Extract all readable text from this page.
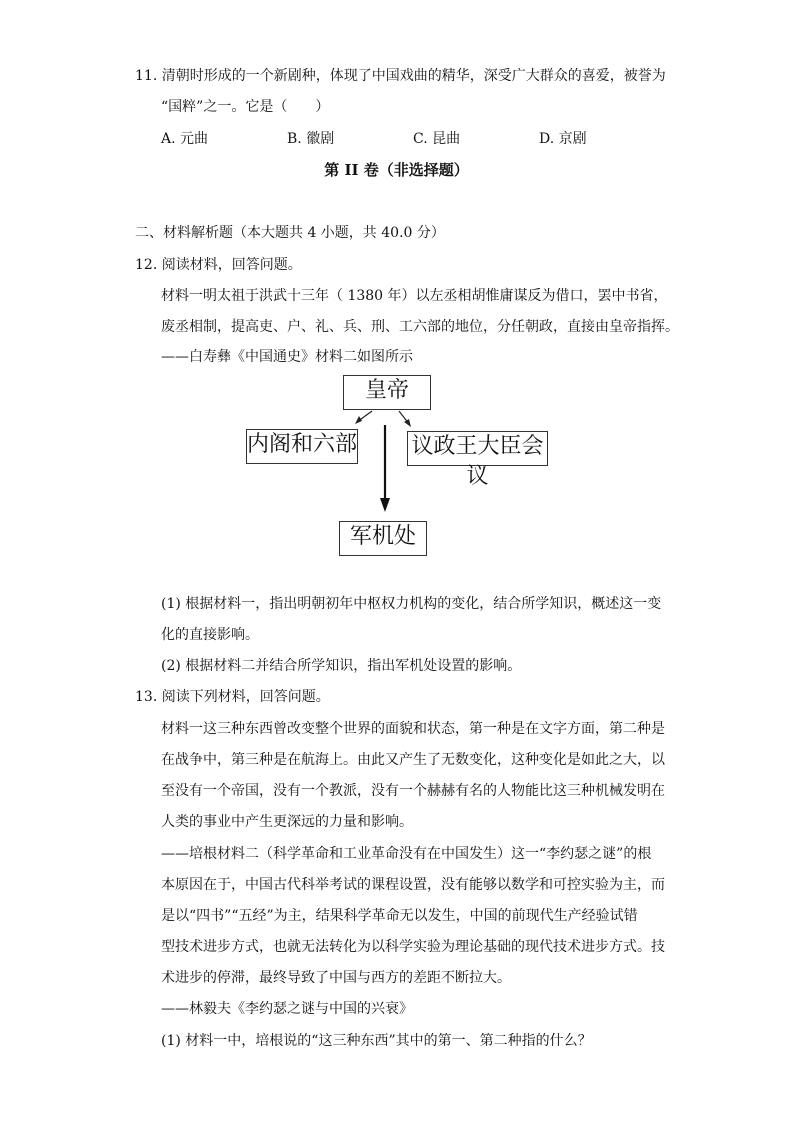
11. 清朝时形成的一个新剧种，体现了中国戏曲的精华，深受广大群众的喜爱，被誉为
“国粹”之一。它是（　　）
A. 元曲	B. 徽剧	C. 昆曲	D. 京剧
第 II 卷（非选择题）
二、材料解析题（本大题共 4 小题，共 40.0 分）
12. 阅读材料，回答问题。
材料一明太祖于洪武十三年（ 1380 年）以左丞相胡惟庸谋反为借口，罢中书省，
废丞相制，提高吏、户、礼、兵、刑、工六部的地位，分任朝政，直接由皇帝指挥。
——白寿彝《中国通史》材料二如图所示
皇帝
内阁和六部 议政王大臣会议
军机处
(1) 根据材料一，指出明朝初年中枢权力机构的变化，结合所学知识，概述这一变
化的直接影响。
(2) 根据材料二并结合所学知识，指出军机处设置的影响。
13. 阅读下列材料，回答问题。
材料一这三种东西曾改变整个世界的面貌和状态，第一种是在文字方面，第二种是
在战争中，第三种是在航海上。由此又产生了无数变化，这种变化是如此之大，以
至没有一个帝国，没有一个教派，没有一个赫赫有名的人物能比这三种机械发明在
人类的事业中产生更深远的力量和影响。
——培根材料二（科学革命和工业革命没有在中国发生）这一“李约瑟之谜”的根
本原因在于，中国古代科举考试的课程设置，没有能够以数学和可控实验为主，而
是以“四书”“五经”为主，结果科学革命无以发生，中国的前现代生产经验试错
型技术进步方式，也就无法转化为以科学实验为理论基础的现代技术进步方式。技
术进步的停滞，最终导致了中国与西方的差距不断拉大。
——林毅夫《李约瑟之谜与中国的兴衰》
(1) 材料一中，培根说的“这三种东西”其中的第一、第二种指的什么？
